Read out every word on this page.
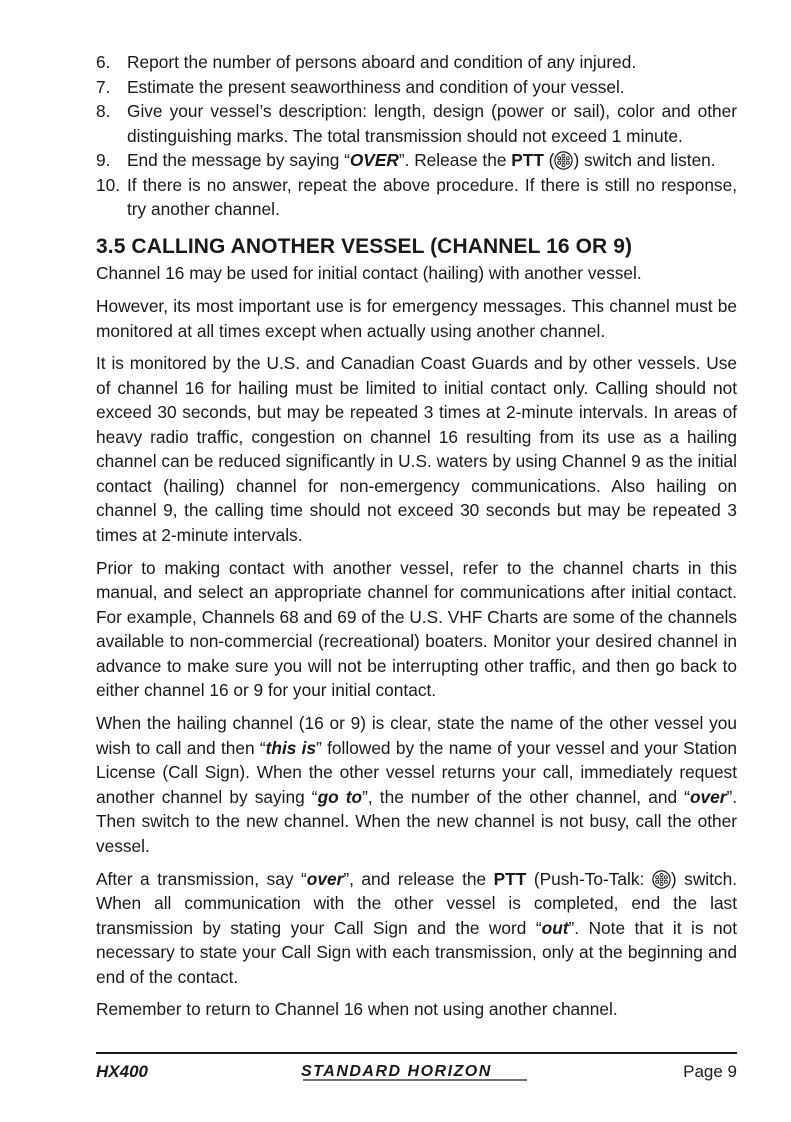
6. Report the number of persons aboard and condition of any injured.
7. Estimate the present seaworthiness and condition of your vessel.
8. Give your vessel’s description: length, design (power or sail), color and other distinguishing marks. The total transmission should not exceed 1 minute.
9. End the message by saying “OVER”. Release the PTT ( ) switch and listen.
10. If there is no answer, repeat the above procedure. If there is still no response, try another channel.
3.5 CALLING ANOTHER VESSEL (CHANNEL 16 OR 9)

Channel 16 may be used for initial contact (hailing) with another vessel.

However, its most important use is for emergency messages. This channel must be monitored at all times except when actually using another channel.

It is monitored by the U.S. and Canadian Coast Guards and by other vessels. Use of channel 16 for hailing must be limited to initial contact only. Calling should not exceed 30 seconds, but may be repeated 3 times at 2-minute intervals. In areas of heavy radio traffic, congestion on channel 16 resulting from its use as a hailing channel can be reduced significantly in U.S. waters by using Channel 9 as the initial contact (hailing) channel for non-emergency communications. Also hailing on channel 9, the calling time should not exceed 30 seconds but may be repeated 3 times at 2-minute intervals.

Prior to making contact with another vessel, refer to the channel charts in this manual, and select an appropriate channel for communications after initial contact. For example, Channels 68 and 69 of the U.S. VHF Charts are some of the channels available to non-commercial (recreational) boaters. Monitor your desired channel in advance to make sure you will not be interrupting other traffic, and then go back to either channel 16 or 9 for your initial contact.

When the hailing channel (16 or 9) is clear, state the name of the other vessel you wish to call and then “this is” followed by the name of your vessel and your Station License (Call Sign). When the other vessel returns your call, immediately request another channel by saying “go to”, the number of the other channel, and “over”. Then switch to the new channel. When the new channel is not busy, call the other vessel.

After a transmission, say “over”, and release the PTT (Push-To-Talk: ) switch. When all communication with the other vessel is completed, end the last transmission by stating your Call Sign and the word “out”. Note that it is not necessary to state your Call Sign with each transmission, only at the beginning and end of the contact.

Remember to return to Channel 16 when not using another channel.

HX400	STANDARD HORIZON	Page 9
